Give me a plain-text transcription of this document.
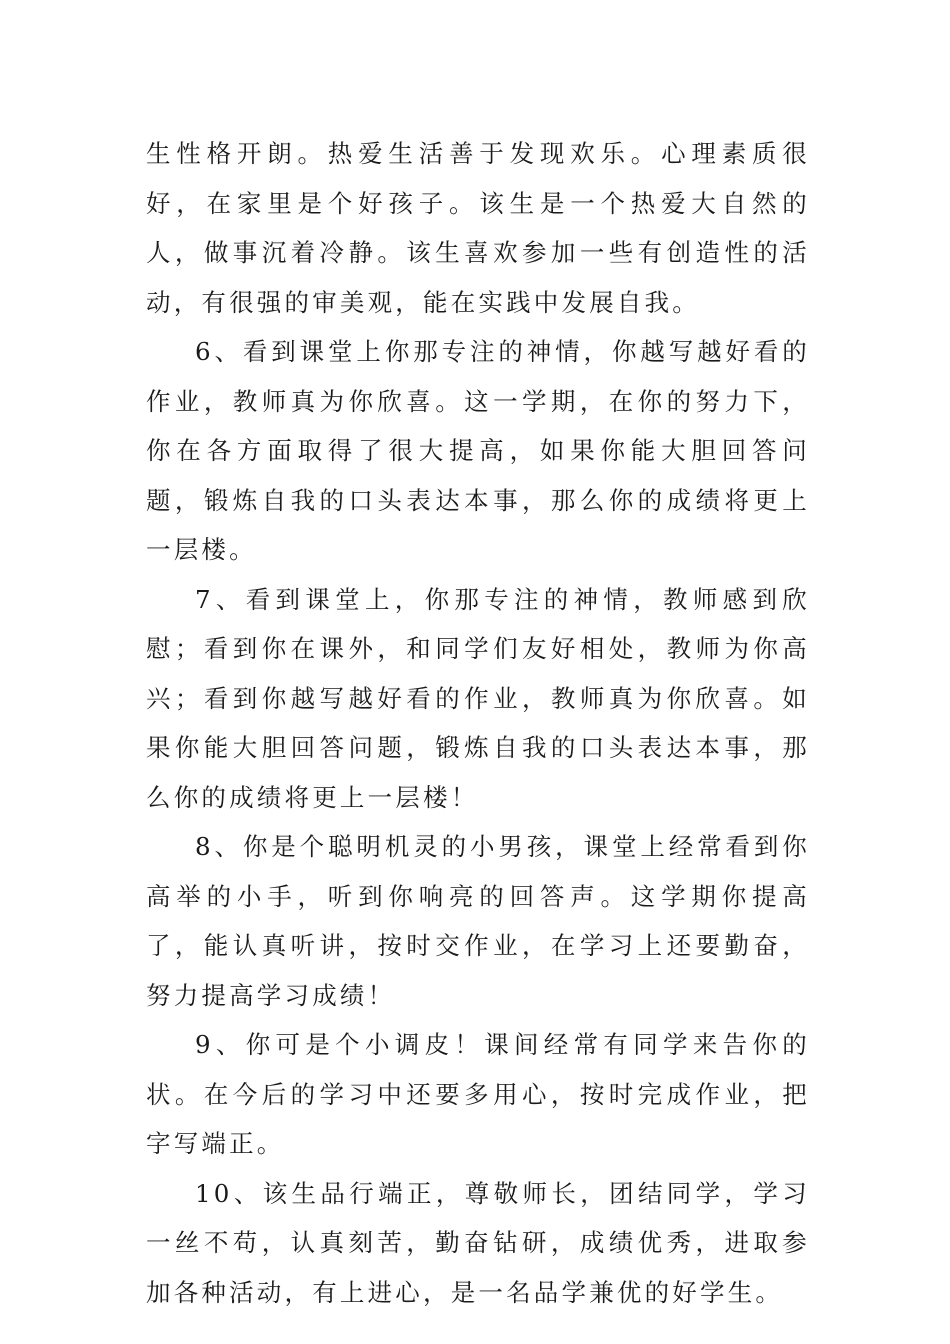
生性格开朗。热爱生活善于发现欢乐。心理素质很好，在家里是个好孩子。该生是一个热爱大自然的人，做事沉着冷静。该生喜欢参加一些有创造性的活动，有很强的审美观，能在实践中发展自我。

6、看到课堂上你那专注的神情，你越写越好看的作业，教师真为你欣喜。这一学期，在你的努力下，你在各方面取得了很大提高，如果你能大胆回答问题，锻炼自我的口头表达本事，那么你的成绩将更上一层楼。

7、看到课堂上，你那专注的神情，教师感到欣慰；看到你在课外，和同学们友好相处，教师为你高兴；看到你越写越好看的作业，教师真为你欣喜。如果你能大胆回答问题，锻炼自我的口头表达本事，那么你的成绩将更上一层楼！

8、你是个聪明机灵的小男孩，课堂上经常看到你高举的小手，听到你响亮的回答声。这学期你提高了，能认真听讲，按时交作业，在学习上还要勤奋，努力提高学习成绩！

9、你可是个小调皮！课间经常有同学来告你的状。在今后的学习中还要多用心，按时完成作业，把字写端正。

10、该生品行端正，尊敬师长，团结同学，学习一丝不苟，认真刻苦，勤奋钻研，成绩优秀，进取参加各种活动，有上进心，是一名品学兼优的好学生。
